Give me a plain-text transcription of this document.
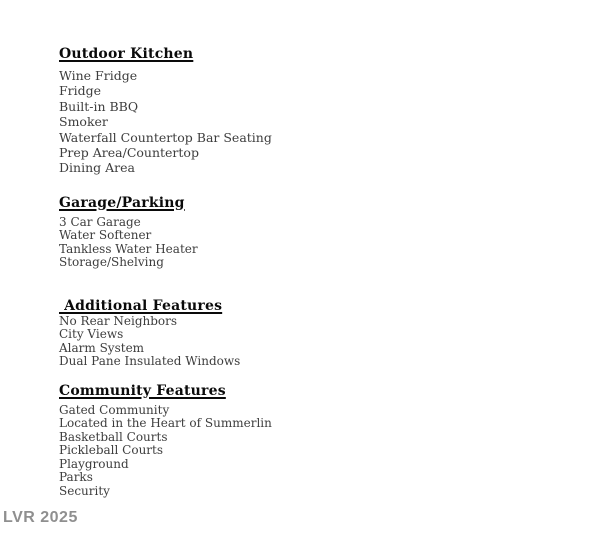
Outdoor Kitchen
Wine Fridge
Fridge
Built-in BBQ
Smoker
Waterfall Countertop Bar Seating
Prep Area/Countertop
Dining Area
Garage/Parking
3 Car Garage
Water Softener
Tankless Water Heater
Storage/Shelving
Additional Features
No Rear Neighbors
City Views
Alarm System
Dual Pane Insulated Windows
Community Features
Gated Community
Located in the Heart of Summerlin
Basketball Courts
Pickleball Courts
Playground
Parks
Security
LVR 2025
